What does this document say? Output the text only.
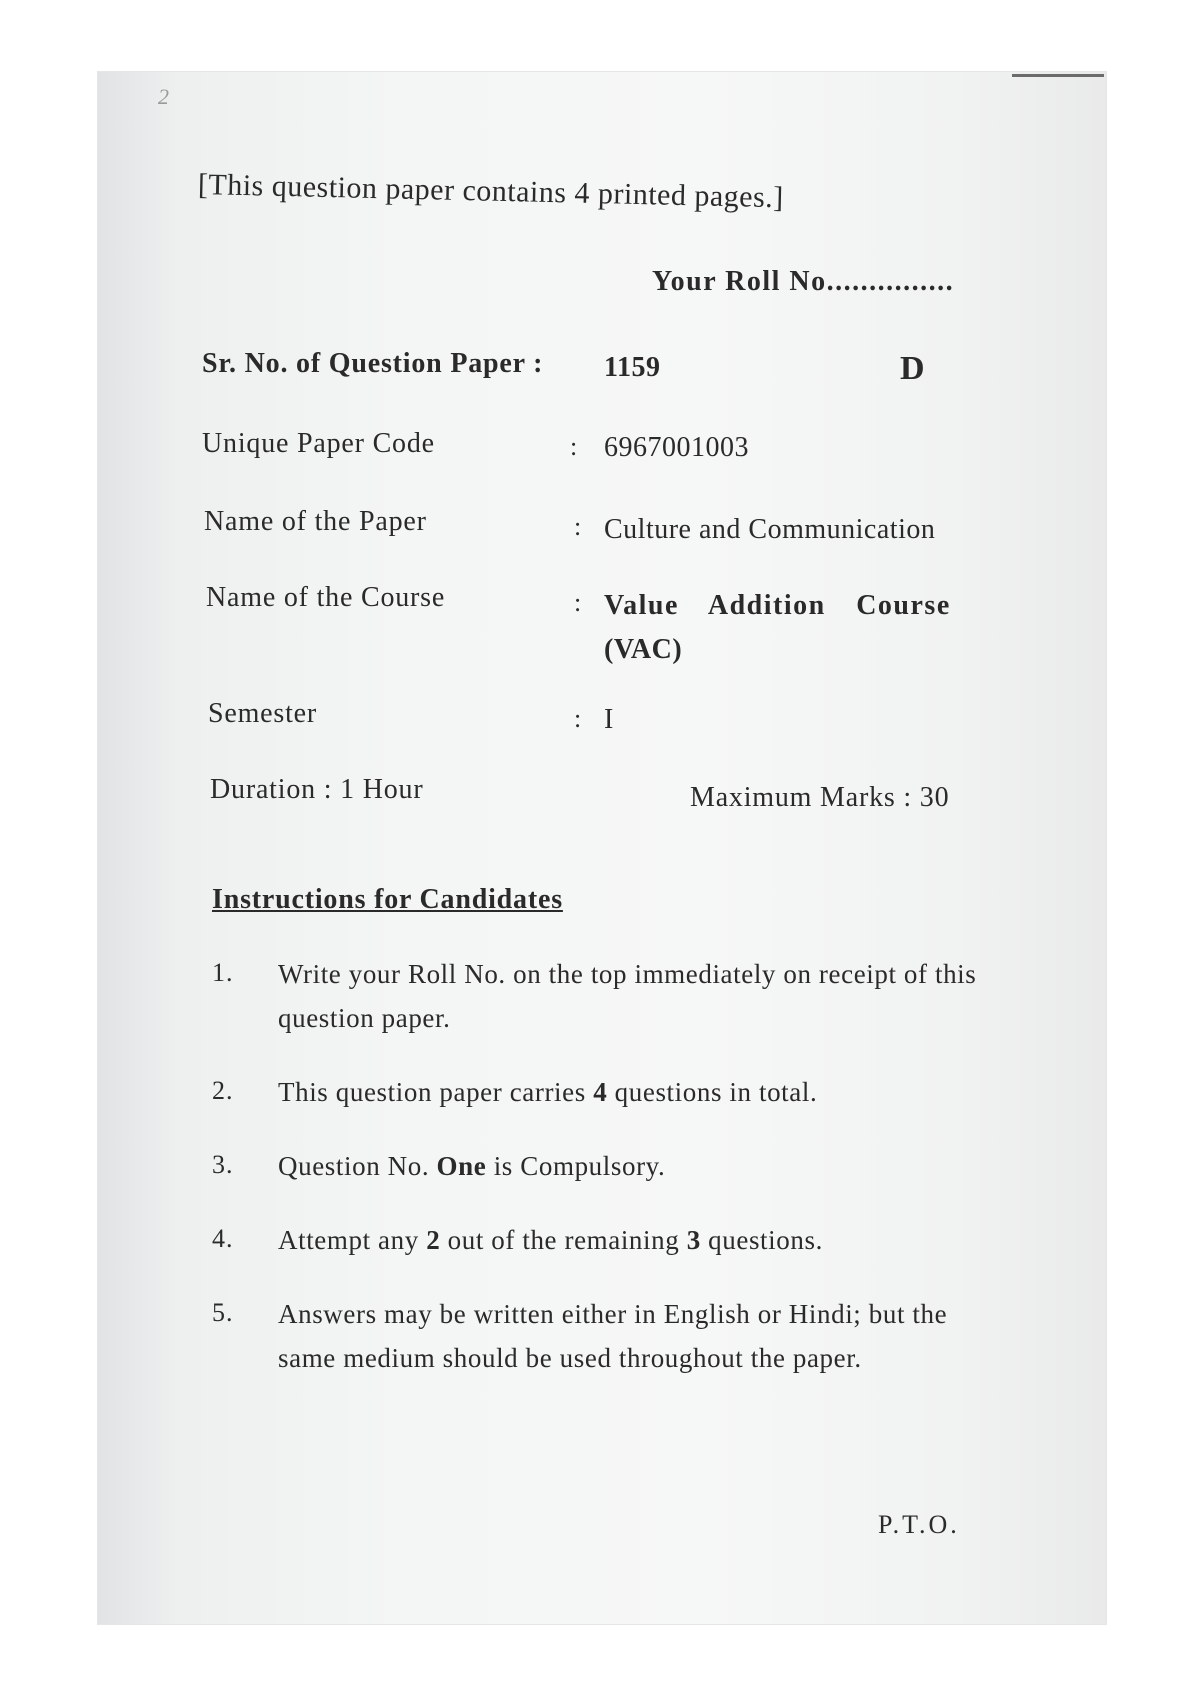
2
[This question paper contains 4 printed pages.]
Your Roll No...............
Sr. No. of Question Paper : 1159	D
Unique Paper Code	: 6967001003
Name of the Paper	: Culture and Communication
Name of the Course	: Value Addition Course
(VAC)
Semester	: I
Duration : 1 Hour	Maximum Marks : 30
Instructions for Candidates
1. Write your Roll No. on the top immediately on receipt of this question paper.
2. This question paper carries 4 questions in total.
3. Question No. One is Compulsory.
4. Attempt any 2 out of the remaining 3 questions.
5. Answers may be written either in English or Hindi; but the same medium should be used throughout the paper.
P.T.O.
